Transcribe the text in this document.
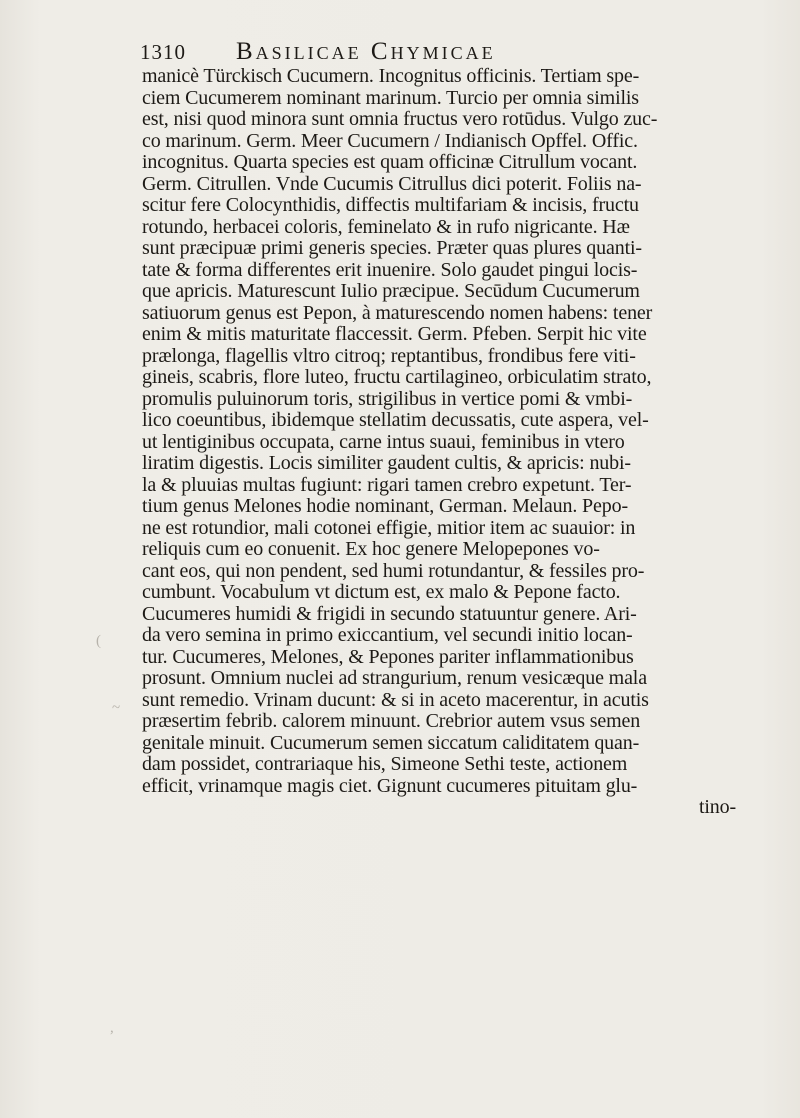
1310 Basilicae Chymicae
(
~
,
manicè Türckisch Cucumern. Incognitus officinis. Tertiam spe-
ciem Cucumerem nominant marinum. Turcio per omnia similis
est, nisi quod minora sunt omnia fructus vero rotūdus. Vulgo zuc-
co marinum. Germ. Meer Cucumern / Indianisch Opffel. Offic.
incognitus. Quarta species est quam officinæ Citrullum vocant.
Germ. Citrullen. Vnde Cucumis Citrullus dici poterit. Foliis na-
scitur fere Colocynthidis, diffectis multifariam & incisis, fructu
rotundo, herbacei coloris, feminelato & in rufo nigricante. Hæ
sunt præcipuæ primi generis species. Præter quas plures quanti-
tate & forma differentes erit inuenire. Solo gaudet pingui locis-
que apricis. Maturescunt Iulio præcipue. Secūdum Cucumerum
satiuorum genus est Pepon, à maturescendo nomen habens: tener
enim & mitis maturitate flaccessit. Germ. Pfeben. Serpit hic vite
prælonga, flagellis vltro citroq; reptantibus, frondibus fere viti-
gineis, scabris, flore luteo, fructu cartilagineo, orbiculatim strato,
promulis puluinorum toris, strigilibus in vertice pomi & vmbi-
lico coeuntibus, ibidemque stellatim decussatis, cute aspera, vel-
ut lentiginibus occupata, carne intus suaui, feminibus in vtero
liratim digestis. Locis similiter gaudent cultis, & apricis: nubi-
la & pluuias multas fugiunt: rigari tamen crebro expetunt. Ter-
tium genus Melones hodie nominant, German. Melaun. Pepo-
ne est rotundior, mali cotonei effigie, mitior item ac suauior: in
reliquis cum eo conuenit. Ex hoc genere Melopepones vo-
cant eos, qui non pendent, sed humi rotundantur, & fessiles pro-
cumbunt. Vocabulum vt dictum est, ex malo & Pepone facto.
Cucumeres humidi & frigidi in secundo statuuntur genere. Ari-
da vero semina in primo exiccantium, vel secundi initio locan-
tur. Cucumeres, Melones, & Pepones pariter inflammationibus
prosunt. Omnium nuclei ad strangurium, renum vesicæque mala
sunt remedio. Vrinam ducunt: & si in aceto macerentur, in acutis
præsertim febrib. calorem minuunt. Crebrior autem vsus semen
genitale minuit. Cucumerum semen siccatum caliditatem quan-
dam possidet, contrariaque his, Simeone Sethi teste, actionem
efficit, vrinamque magis ciet. Gignunt cucumeres pituitam glu-
tino-
